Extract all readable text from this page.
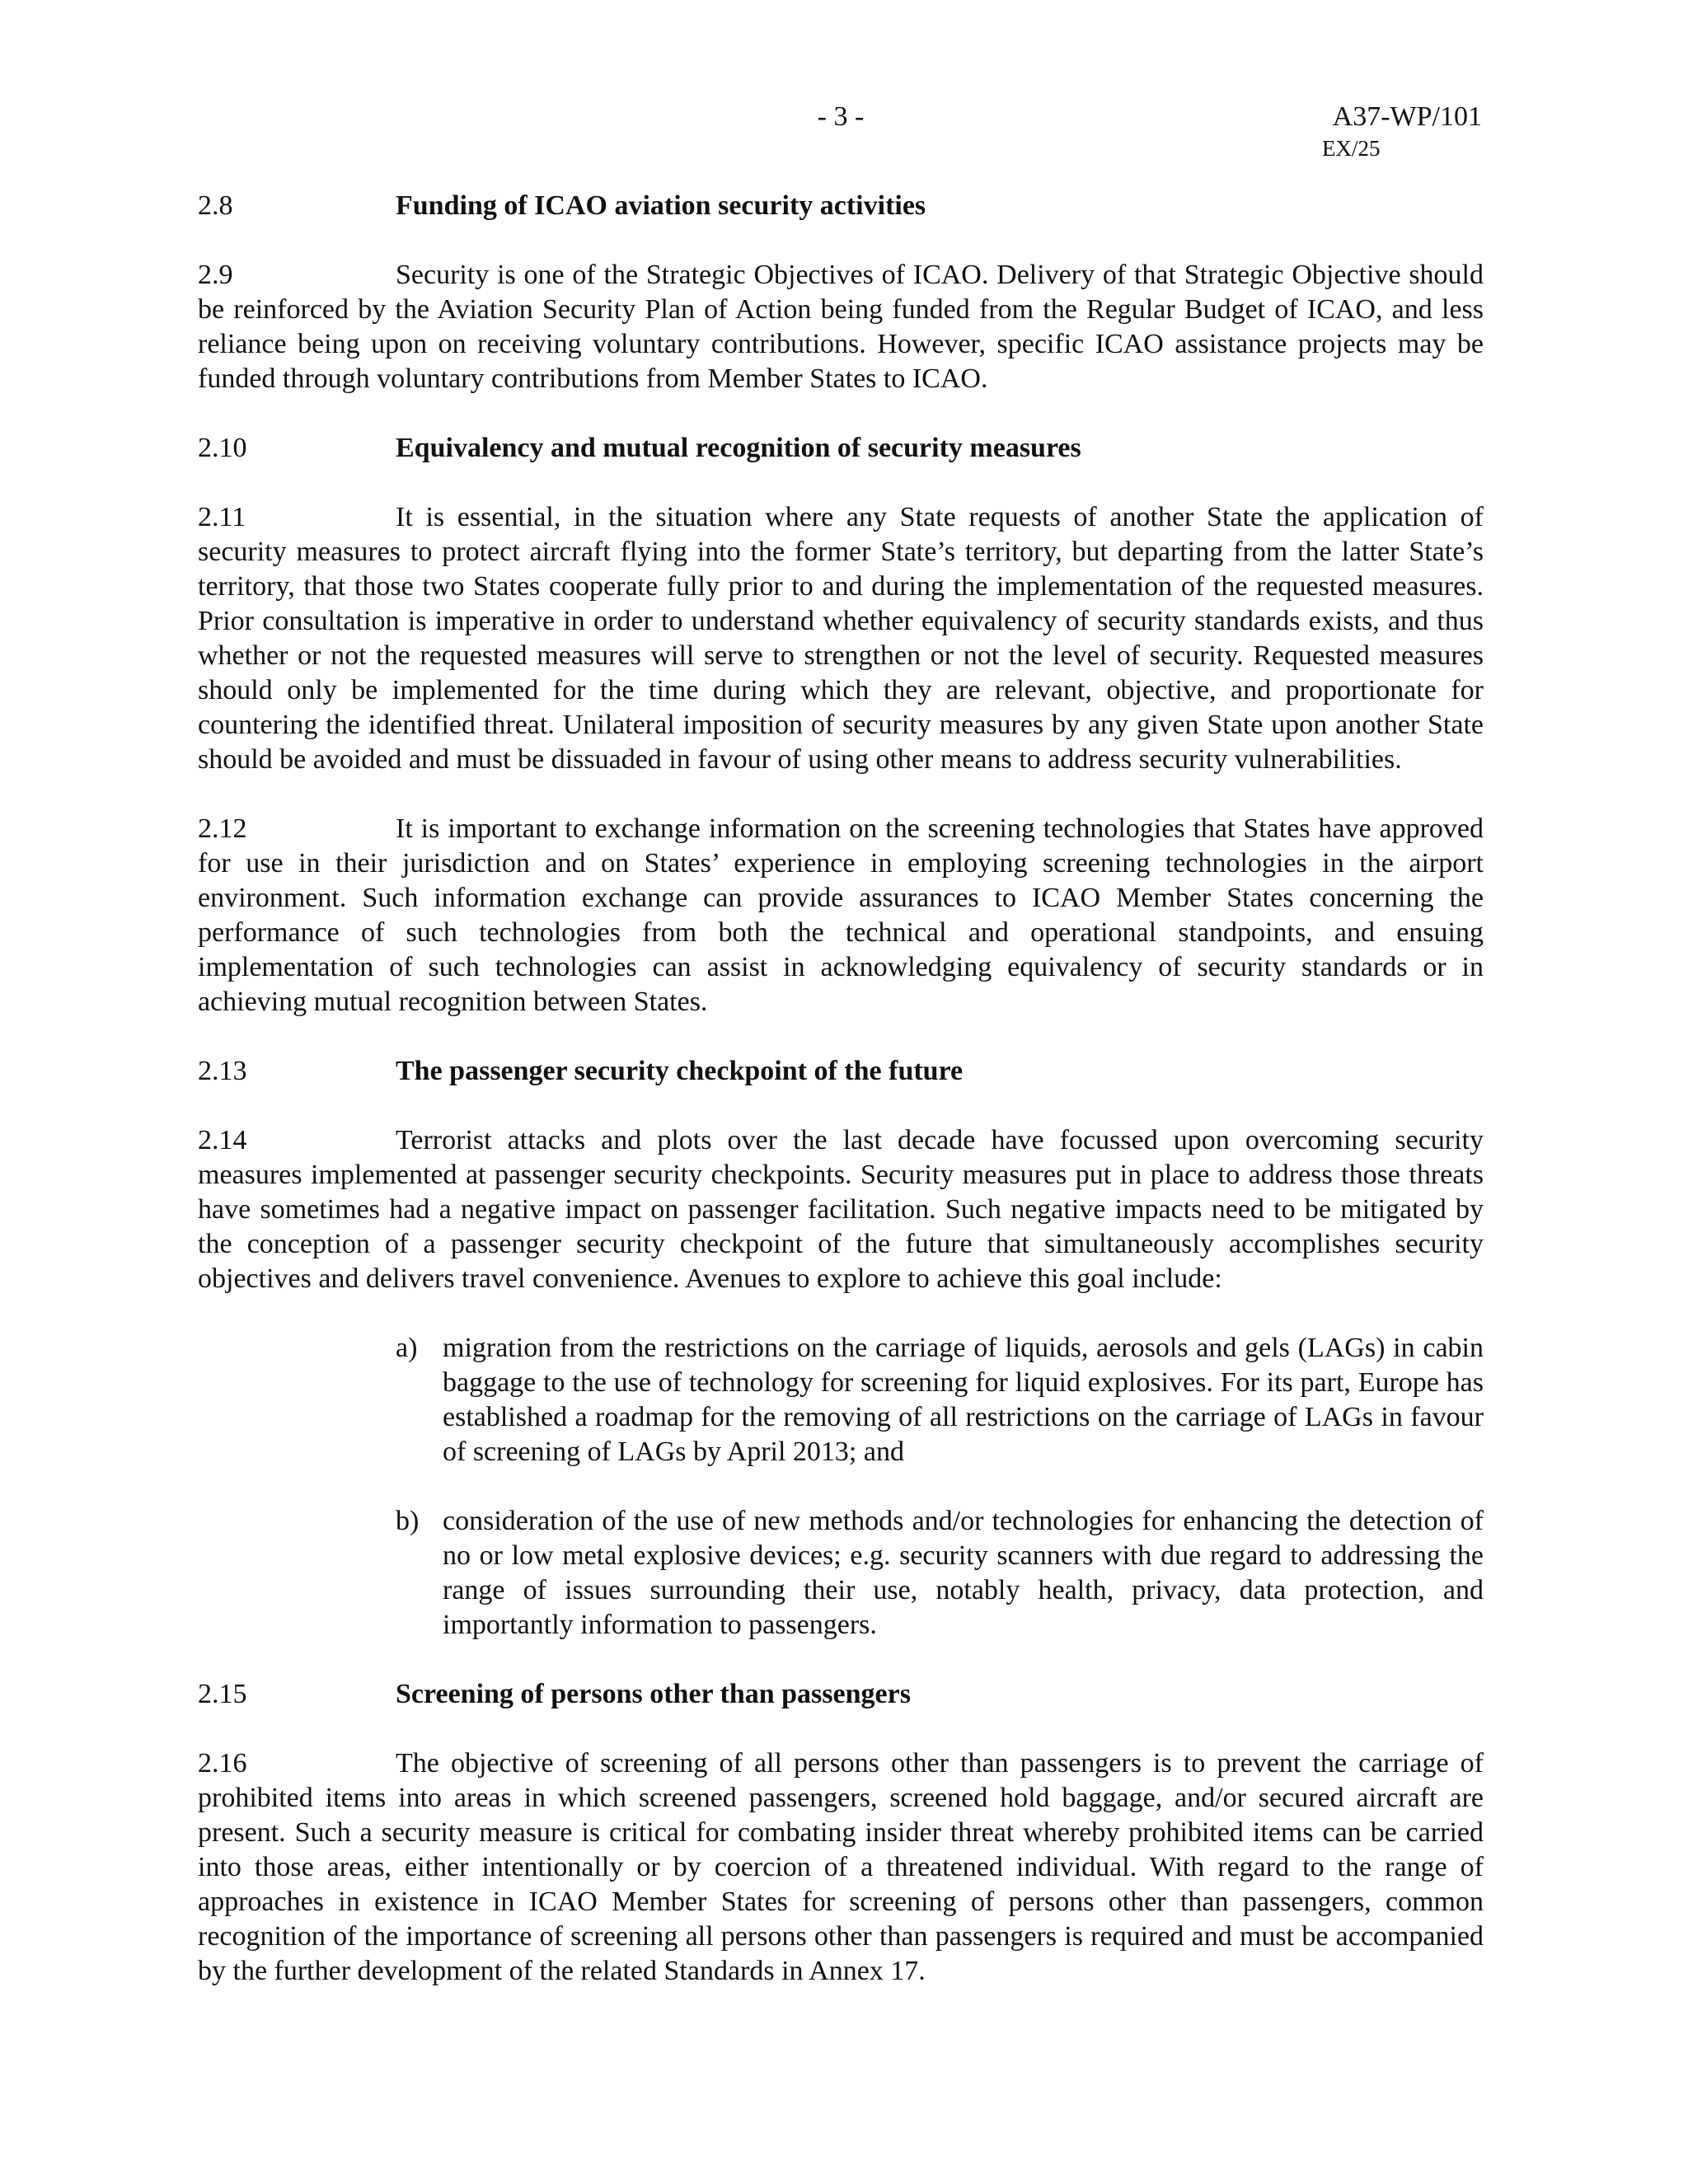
- 3 -	A37-WP/101
EX/25
2.8	Funding of ICAO aviation security activities

2.9	Security is one of the Strategic Objectives of ICAO. Delivery of that Strategic Objective should be reinforced by the Aviation Security Plan of Action being funded from the Regular Budget of ICAO, and less reliance being upon on receiving voluntary contributions. However, specific ICAO assistance projects may be funded through voluntary contributions from Member States to ICAO.

2.10	Equivalency and mutual recognition of security measures

2.11	It is essential, in the situation where any State requests of another State the application of security measures to protect aircraft flying into the former State’s territory, but departing from the latter State’s territory, that those two States cooperate fully prior to and during the implementation of the requested measures. Prior consultation is imperative in order to understand whether equivalency of security standards exists, and thus whether or not the requested measures will serve to strengthen or not the level of security. Requested measures should only be implemented for the time during which they are relevant, objective, and proportionate for countering the identified threat. Unilateral imposition of security measures by any given State upon another State should be avoided and must be dissuaded in favour of using other means to address security vulnerabilities.

2.12	It is important to exchange information on the screening technologies that States have approved for use in their jurisdiction and on States’ experience in employing screening technologies in the airport environment. Such information exchange can provide assurances to ICAO Member States concerning the performance of such technologies from both the technical and operational standpoints, and ensuing implementation of such technologies can assist in acknowledging equivalency of security standards or in achieving mutual recognition between States.

2.13	The passenger security checkpoint of the future

2.14	Terrorist attacks and plots over the last decade have focussed upon overcoming security measures implemented at passenger security checkpoints. Security measures put in place to address those threats have sometimes had a negative impact on passenger facilitation. Such negative impacts need to be mitigated by the conception of a passenger security checkpoint of the future that simultaneously accomplishes security objectives and delivers travel convenience. Avenues to explore to achieve this goal include:

a) migration from the restrictions on the carriage of liquids, aerosols and gels (LAGs) in cabin baggage to the use of technology for screening for liquid explosives. For its part, Europe has established a roadmap for the removing of all restrictions on the carriage of LAGs in favour of screening of LAGs by April 2013; and
b) consideration of the use of new methods and/or technologies for enhancing the detection of no or low metal explosive devices; e.g. security scanners with due regard to addressing the range of issues surrounding their use, notably health, privacy, data protection, and importantly information to passengers.
2.15	Screening of persons other than passengers

2.16	The objective of screening of all persons other than passengers is to prevent the carriage of prohibited items into areas in which screened passengers, screened hold baggage, and/or secured aircraft are present. Such a security measure is critical for combating insider threat whereby prohibited items can be carried into those areas, either intentionally or by coercion of a threatened individual. With regard to the range of approaches in existence in ICAO Member States for screening of persons other than passengers, common recognition of the importance of screening all persons other than passengers is required and must be accompanied by the further development of the related Standards in Annex 17.
